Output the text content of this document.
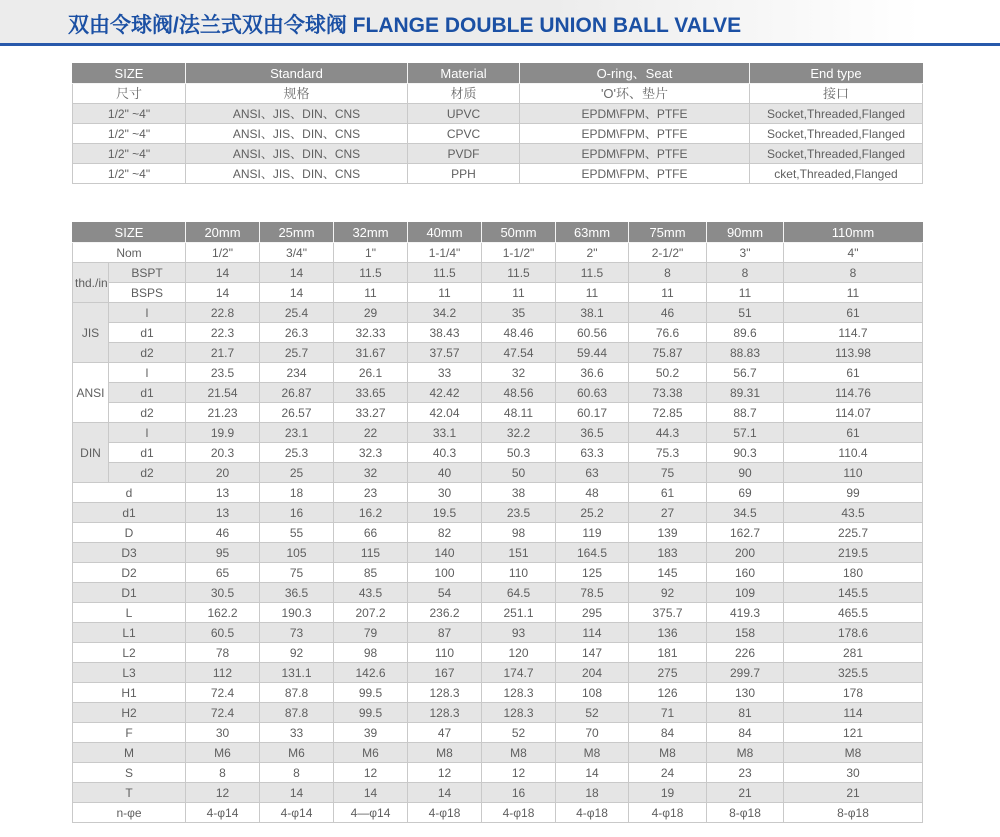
双由令球阀/法兰式双由令球阀 FLANGE DOUBLE UNION BALL VALVE
SIZE	Standard	Material	O-ring、Seat	End type
尺寸	规格	材质	'O'环、垫片	接口
1/2" ~4"	ANSI、JIS、DIN、CNS	UPVC	EPDM\FPM、PTFE	Socket,Threaded,Flanged
1/2" ~4"	ANSI、JIS、DIN、CNS	CPVC	EPDM\FPM、PTFE	Socket,Threaded,Flanged
1/2" ~4"	ANSI、JIS、DIN、CNS	PVDF	EPDM\FPM、PTFE	Socket,Threaded,Flanged
1/2" ~4"	ANSI、JIS、DIN、CNS	PPH	EPDM\FPM、PTFE	cket,Threaded,Flanged
SIZE		20mm	25mm	32mm	40mm	50mm	63mm	75mm	90mm	110mm
Nom		1/2"	3/4"	1"	1-1/4"	1-1/2"	2"	2-1/2"	3"	4"
thd./in	BSPT	14	14	11.5	11.5	11.5	11.5	8	8	8
	BSPS	14	14	11	11	11	11	11	11	11
JIS	l	22.8	25.4	29	34.2	35	38.1	46	51	61
	d1	22.3	26.3	32.33	38.43	48.46	60.56	76.6	89.6	114.7
	d2	21.7	25.7	31.67	37.57	47.54	59.44	75.87	88.83	113.98
ANSI	l	23.5	234	26.1	33	32	36.6	50.2	56.7	61
	d1	21.54	26.87	33.65	42.42	48.56	60.63	73.38	89.31	114.76
	d2	21.23	26.57	33.27	42.04	48.11	60.17	72.85	88.7	114.07
DIN	l	19.9	23.1	22	33.1	32.2	36.5	44.3	57.1	61
	d1	20.3	25.3	32.3	40.3	50.3	63.3	75.3	90.3	110.4
	d2	20	25	32	40	50	63	75	90	110
d		13	18	23	30	38	48	61	69	99
d1		13	16	16.2	19.5	23.5	25.2	27	34.5	43.5
D		46	55	66	82	98	119	139	162.7	225.7
D3		95	105	115	140	151	164.5	183	200	219.5
D2		65	75	85	100	110	125	145	160	180
D1		30.5	36.5	43.5	54	64.5	78.5	92	109	145.5
L		162.2	190.3	207.2	236.2	251.1	295	375.7	419.3	465.5
L1		60.5	73	79	87	93	114	136	158	178.6
L2		78	92	98	110	120	147	181	226	281
L3		112	131.1	142.6	167	174.7	204	275	299.7	325.5
H1		72.4	87.8	99.5	128.3	128.3	108	126	130	178
H2		72.4	87.8	99.5	128.3	128.3	52	71	81	114
F		30	33	39	47	52	70	84	84	121
M		M6	M6	M6	M8	M8	M8	M8	M8	M8
S		8	8	12	12	12	14	24	23	30
T		12	14	14	14	16	18	19	21	21
n-φe		4-φ14	4-φ14	4—φ14	4-φ18	4-φ18	4-φ18	4-φ18	8-φ18	8-φ18
